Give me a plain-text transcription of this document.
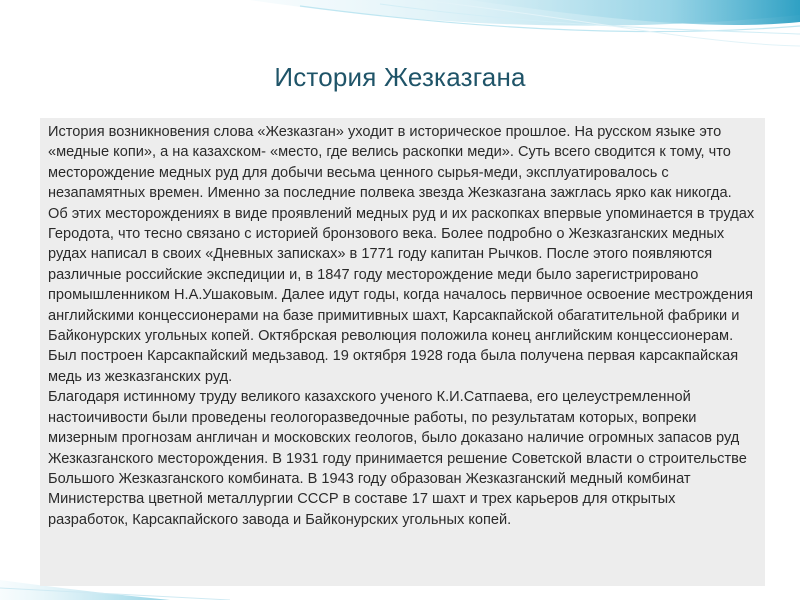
История Жезказгана

История возникновения слова «Жезказган» уходит в историческое прошлое. На русском языке это «медные копи», а на казахском- «место, где велись раскопки меди». Суть всего сводится к тому, что месторождение медных руд для добычи весьма ценного сырья-меди, эксплуатировалось с незапамятных времен. Именно за последние полвека звезда Жезказгана зажглась ярко как никогда.

Об этих месторождениях в виде проявлений медных руд и их раскопках впервые упоминается в трудах Геродота, что тесно связано с историей бронзового века. Более подробно о Жезказганских медных рудах написал в своих «Дневных записках» в 1771 году капитан Рычков. После этого появляются различные российские экспедиции и, в 1847 году месторождение меди было зарегистрировано промышленником Н.А.Ушаковым. Далее идут годы, когда началось первичное освоение местрождения английскими концессионерами на базе примитивных шахт, Карсакпайской обагатительной фабрики и Байконурских угольных копей. Октябрская революция положила конец английским концессионерам. Был построен Карсакпайский медьзавод. 19 октября 1928 года была получена первая карсакпайская медь из жезказганских руд.

Благодаря истинному труду великого казахского ученого К.И.Сатпаева, его целеустремленной настоичивости были проведены геологоразведочные работы, по результатам которых, вопреки мизерным прогнозам англичан и московских геологов, было доказано наличие огромных запасов руд Жезказганского месторождения. В 1931 году принимается решение Советской власти о строительстве Большого Жезказганского комбината. В 1943 году образован Жезказганский медный комбинат Министерства цветной металлургии СССР в составе 17 шахт и трех карьеров для открытых разработок, Карсакпайского завода и Байконурских угольных копей.
